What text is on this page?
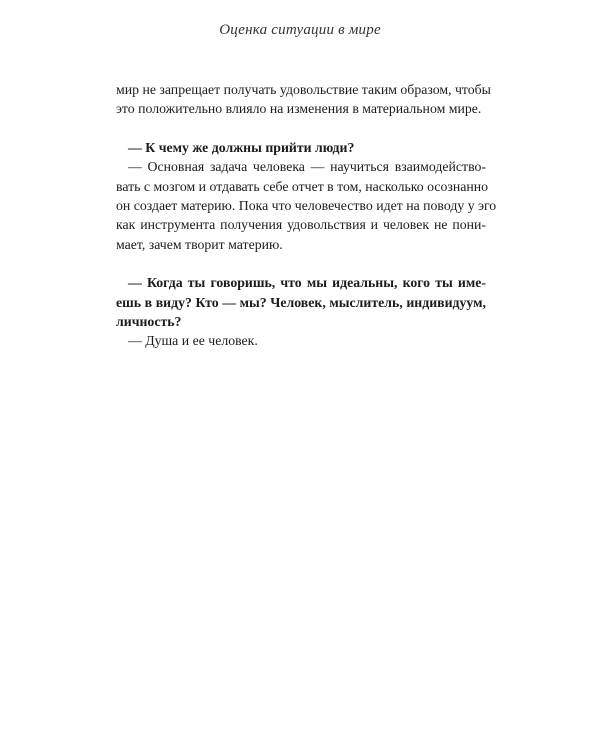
Оценка ситуации в мире
мир не запрещает получать удовольствие таким образом, чтобы
это положительно влияло на изменения в материальном мире.
— К чему же должны прийти люди?
— Основная задача человека — научиться взаимодейство-
вать с мозгом и отдавать себе отчет в том, насколько осознанно
он создает материю. Пока что человечество идет на поводу у эго
как инструмента получения удовольствия и человек не пони-
мает, зачем творит материю.
— Когда ты говоришь, что мы идеальны, кого ты име-
ешь в виду? Кто — мы? Человек, мыслитель, индивидуум,
личность?
— Душа и ее человек.
